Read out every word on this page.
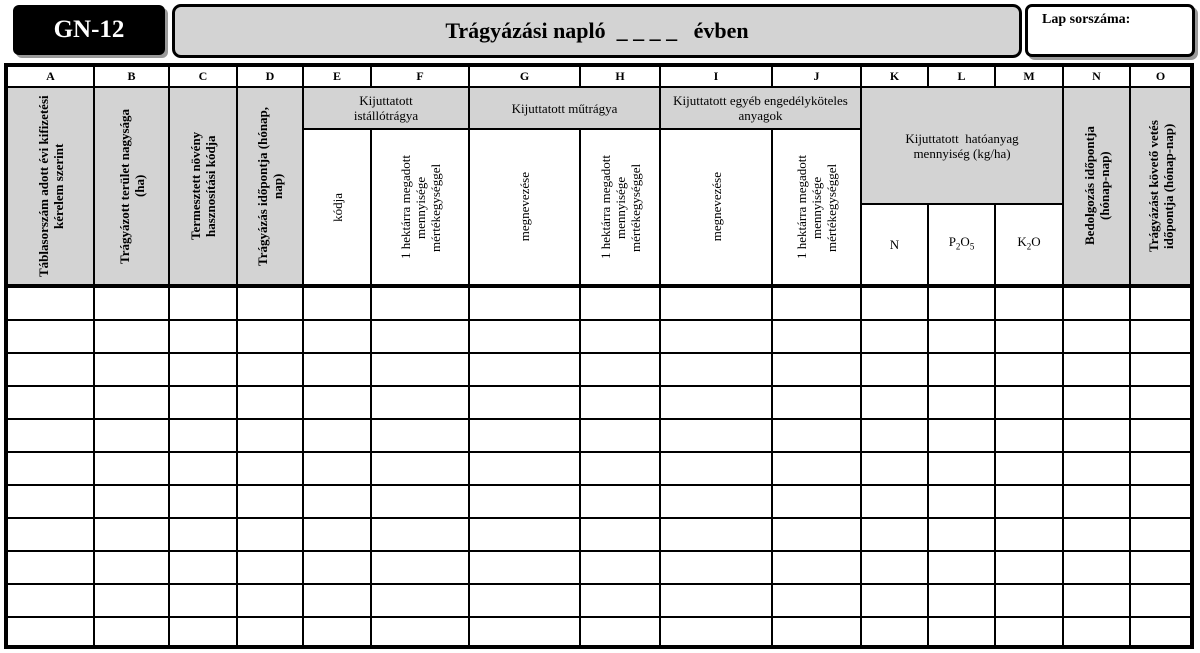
GN-12	Trágyázási napló  _ _ _ _   évben	Lap sorszáma:
A	B	C	D	E	F	G	H	I	J	K	L	M	N	O
Táblasorszám adott évi kifizetési kérelem szerint	Trágyázott terület nagysága (ha)	Termesztett növény hasznosítási kódja	Trágyázás időpontja (hónap, nap)
Kijuttatott istállótrágya
kódja	1 hektárra megadott mennyisége mértékegységgel
Kijuttatott műtrágya
megnevezése	1 hektárra megadott mennyisége mértékegységgel
Kijuttatott egyéb engedélyköteles anyagok
megnevezése	1 hektárra megadott mennyisége mértékegységgel
Kijuttatott  hatóanyag mennyiség (kg/ha)
N	$P_2O_5$	$K_2O$	Bedolgozás időpontja (hónap-nap)	Trágyázást követő vetés időpontja (hónap-nap)
